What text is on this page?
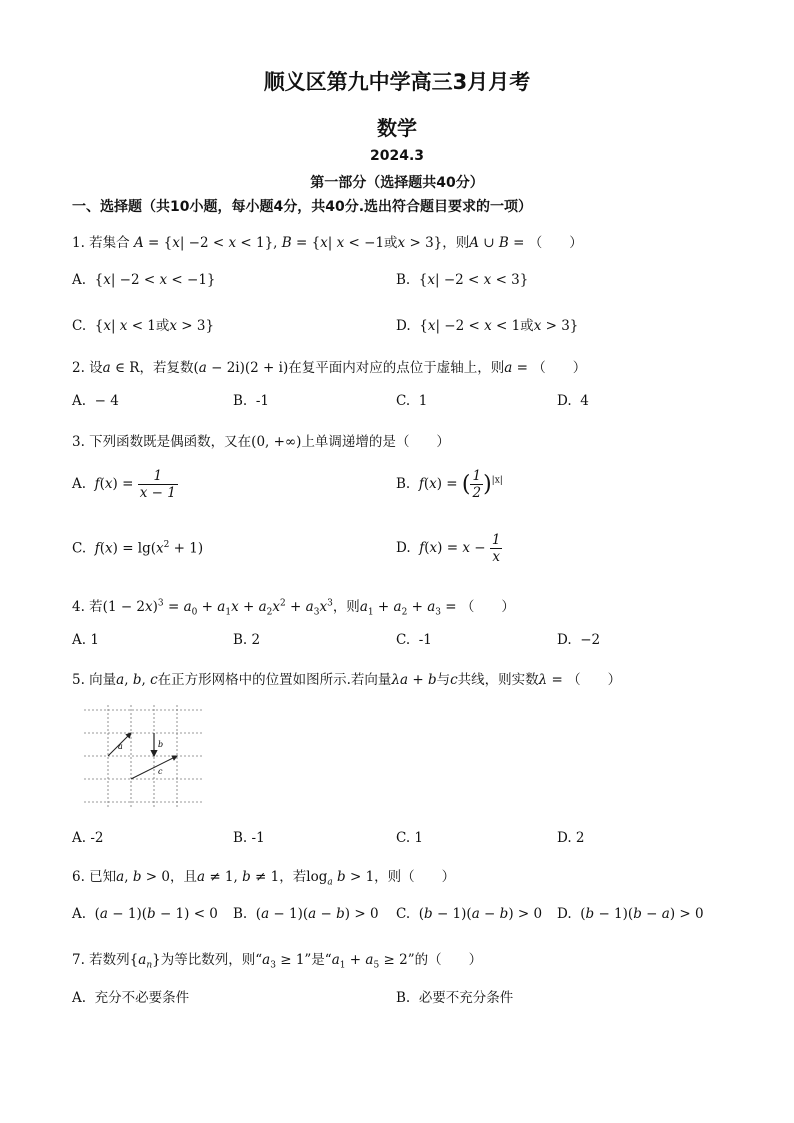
顺义区第九中学高三3月月考
数学
2024.3
第一部分（选择题共40分）
一、选择题（共10小题，每小题4分，共40分.选出符合题目要求的一项）
1. 若集合 A = {x| −2 < x < 1}, B = {x| x < −1或x > 3}，则A ∪ B = （　　）
A.  {x| −2 < x < −1}	B.  {x| −2 < x < 3}
C.  {x| x < 1或x > 3}	D.  {x| −2 < x < 1或x > 3}
2. 设a ∈ R，若复数(a − 2i)(2 + i)在复平面内对应的点位于虚轴上，则a = （　　）
A. − 4	B. -1	C. 1	D. 4
3. 下列函数既是偶函数，又在(0, +∞)上单调递增的是（　　）
A. $f(x) = \frac{1}{x - 1}$	B. f(x) = ( $\frac{1}{2} )^{|x|}$
C. $f(x) = \lg(x^2 + 1)$	D. $f(x) = x - \frac{1}{x}$
4. 若$(1 - 2x)^3 = a_0 + a_1x + a_2x^2 + a_3x^3$，则$a_1 + a_2 + a_3$ = （　　）
A. 1	B. 2	C. -1	D. −2
5. 向量a, b, c在正方形网格中的位置如图所示.若向量λa + b与c共线，则实数λ = （　　）
a	b
c
A. -2	B. -1	C. 1	D. 2
6. 已知a, b > 0，且a ≠ 1, b ≠ 1，若$\log_a b > 1$，则（　　）
A.  (a − 1)(b − 1) < 0 B.  (a − 1)(a − b) > 0 C.  (b − 1)(a − b) > 0 D.  (b − 1)(b − a) > 0
7. 若数列$\{a_n\}$为等比数列，则“$a_3 \ge 1$”是“$a_1 + a_5 \ge 2$”的（　　）
A. 充分不必要条件	B. 必要不充分条件
